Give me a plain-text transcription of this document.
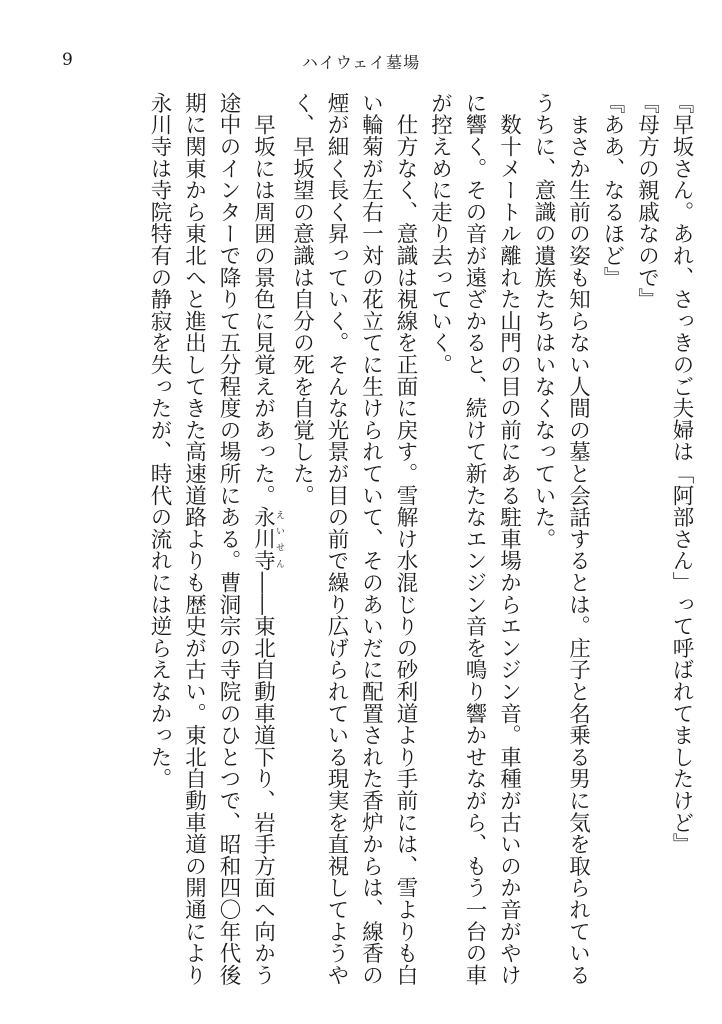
9	ハイウェイ墓場

『早坂さん。あれ、さっきのご夫婦は「阿部さん」って呼ばれてましたけど』

『母方の親戚なので』

『ああ、なるほど』

　まさか生前の姿も知らない人間の墓と会話するとは。庄子と名乗る男に気を取られているうちに、意識の遺族たちはいなくなっていた。

　数十メートル離れた山門の目の前にある駐車場からエンジン音。車種が古いのか音がやけに響く。その音が遠ざかると、続けて新たなエンジン音を鳴り響かせながら、もう一台の車が控えめに走り去っていく。

　仕方なく、意識は視線を正面に戻す。雪解け水混じりの砂利道より手前には、雪よりも白い輪菊が左右一対の花立てに生けられていて、そのあいだに配置された香炉からは、線香の煙が細く長く昇っていく。そんな光景が目の前で繰り広げられている現実を直視してようやく、早坂望の意識は自分の死を自覚した。

　早坂には周囲の景色に見覚えがあった。永川寺えいせん――東北自動車道下り、岩手方面へ向かう途中のインターで降りて五分程度の場所にある。曹洞宗の寺院のひとつで、昭和四〇年代後期に関東から東北へと進出してきた高速道路よりも歴史が古い。東北自動車道の開通により永川寺は寺院特有の静寂を失ったが、時代の流れには逆らえなかった。
